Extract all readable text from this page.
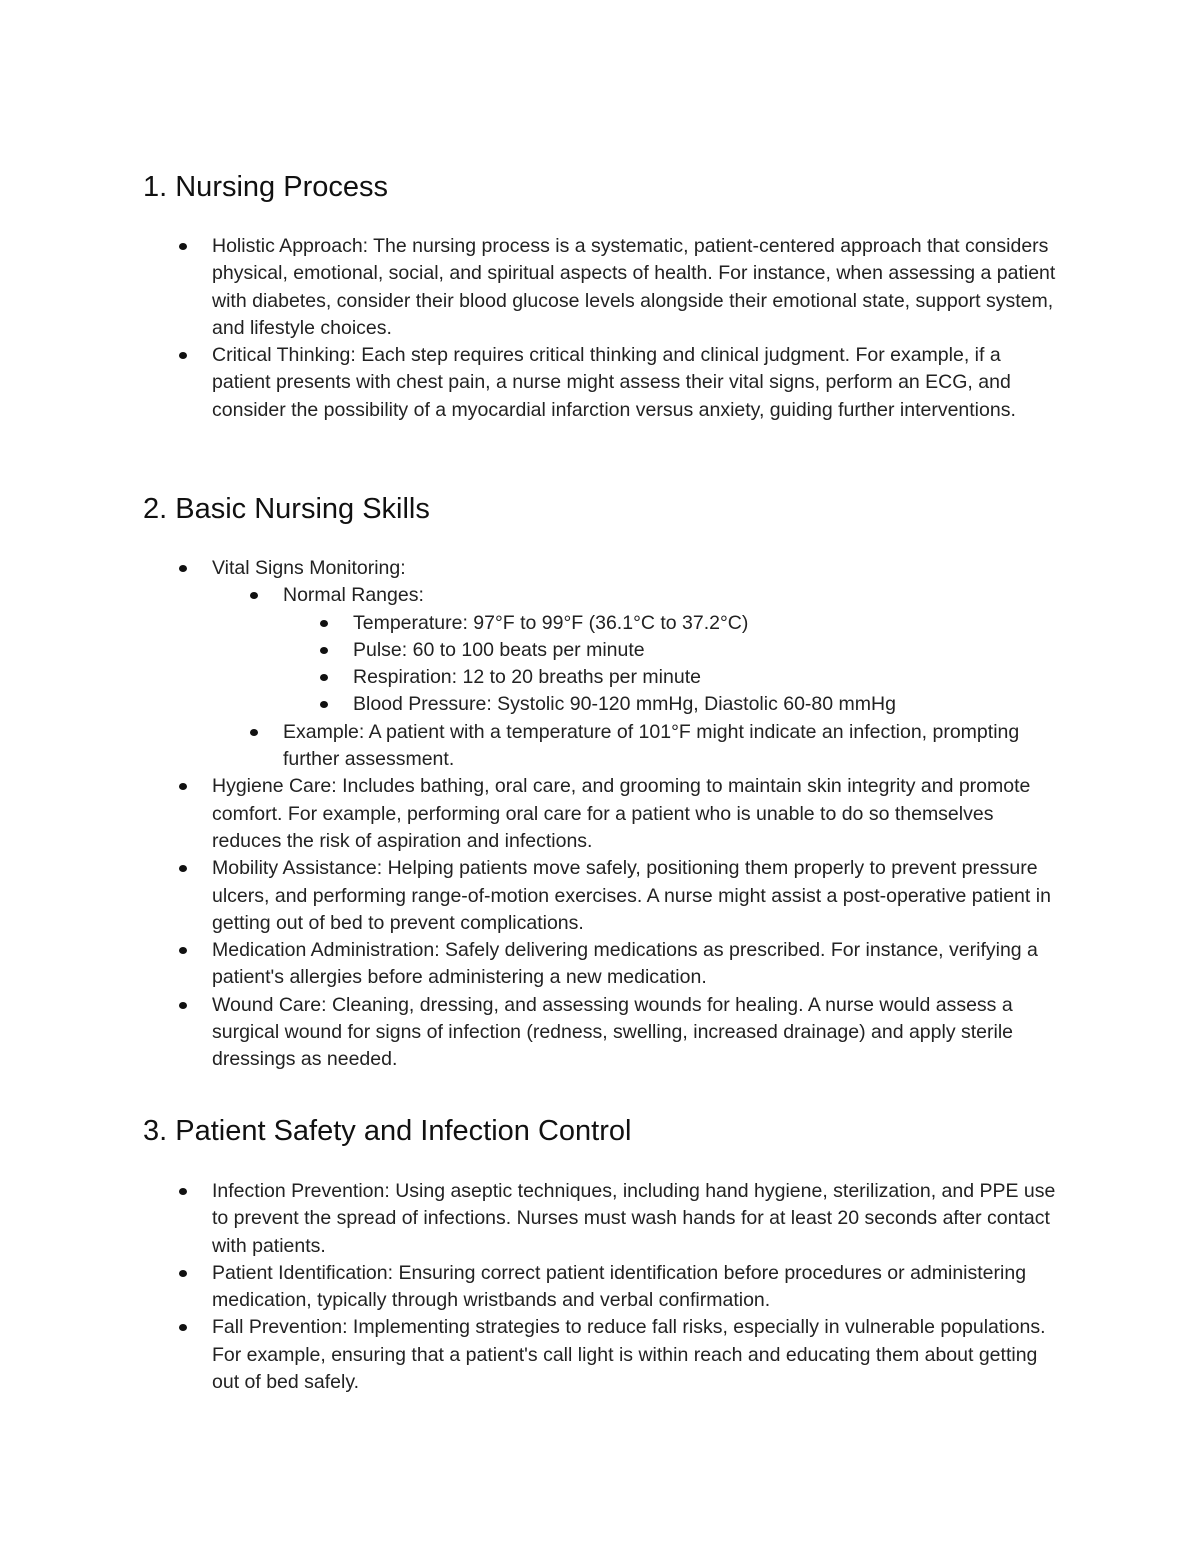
1. Nursing Process
Holistic Approach: The nursing process is a systematic, patient-centered approach that considers physical, emotional, social, and spiritual aspects of health. For instance, when assessing a patient with diabetes, consider their blood glucose levels alongside their emotional state, support system, and lifestyle choices.
Critical Thinking: Each step requires critical thinking and clinical judgment. For example, if a patient presents with chest pain, a nurse might assess their vital signs, perform an ECG, and consider the possibility of a myocardial infarction versus anxiety, guiding further interventions.
2. Basic Nursing Skills
Vital Signs Monitoring:
Normal Ranges:
Temperature: 97°F to 99°F (36.1°C to 37.2°C)
Pulse: 60 to 100 beats per minute
Respiration: 12 to 20 breaths per minute
Blood Pressure: Systolic 90-120 mmHg, Diastolic 60-80 mmHg
Example: A patient with a temperature of 101°F might indicate an infection, prompting further assessment.
Hygiene Care: Includes bathing, oral care, and grooming to maintain skin integrity and promote comfort. For example, performing oral care for a patient who is unable to do so themselves reduces the risk of aspiration and infections.
Mobility Assistance: Helping patients move safely, positioning them properly to prevent pressure ulcers, and performing range-of-motion exercises. A nurse might assist a post-operative patient in getting out of bed to prevent complications.
Medication Administration: Safely delivering medications as prescribed. For instance, verifying a patient's allergies before administering a new medication.
Wound Care: Cleaning, dressing, and assessing wounds for healing. A nurse would assess a surgical wound for signs of infection (redness, swelling, increased drainage) and apply sterile dressings as needed.
3. Patient Safety and Infection Control
Infection Prevention: Using aseptic techniques, including hand hygiene, sterilization, and PPE use to prevent the spread of infections. Nurses must wash hands for at least 20 seconds after contact with patients.
Patient Identification: Ensuring correct patient identification before procedures or administering medication, typically through wristbands and verbal confirmation.
Fall Prevention: Implementing strategies to reduce fall risks, especially in vulnerable populations. For example, ensuring that a patient's call light is within reach and educating them about getting out of bed safely.
